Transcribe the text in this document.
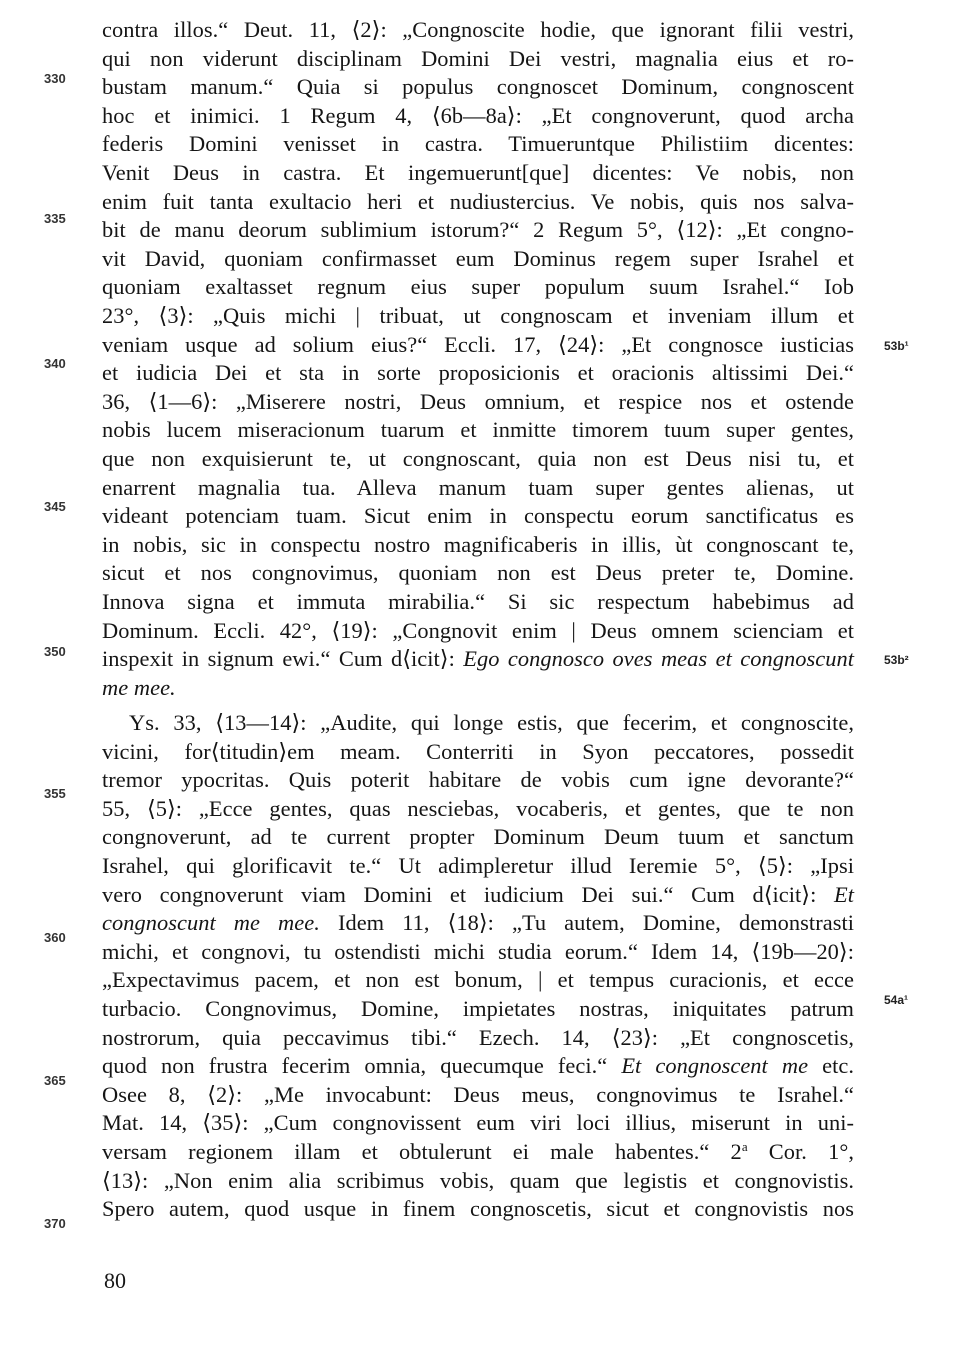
330
335
340
345
350
355
360
365
370
53b¹
53b²
54a¹
contra illos.“ Deut. 11, ⟨2⟩: „Congnoscite hodie, que ignorant filii vestri,
qui non viderunt disciplinam Domini Dei vestri, magnalia eius et ro-
bustam manum.“ Quia si populus congnoscet Dominum, congnoscent
hoc et inimici. 1 Regum 4, ⟨6b—8a⟩: „Et congnoverunt, quod archa
federis Domini venisset in castra. Timueruntque Philistiim dicentes:
Venit Deus in castra. Et ingemuerunt[que] dicentes: Ve nobis, non
enim fuit tanta exultacio heri et nudiustercius. Ve nobis, quis nos salva-
bit de manu deorum sublimium istorum?“ 2 Regum 5°, ⟨12⟩: „Et congno-
vit David, quoniam confirmasset eum Dominus regem super Israhel et
quoniam exaltasset regnum eius super populum suum Israhel.“ Iob
23°, ⟨3⟩: „Quis michi | tribuat, ut congnoscam et inveniam illum et
veniam usque ad solium eius?“ Eccli. 17, ⟨24⟩: „Et congnosce iusticias
et iudicia Dei et sta in sorte proposicionis et oracionis altissimi Dei.“
36, ⟨1—6⟩: „Miserere nostri, Deus omnium, et respice nos et ostende
nobis lucem miseracionum tuarum et inmitte timorem tuum super gentes,
que non exquisierunt te, ut congnoscant, quia non est Deus nisi tu, et
enarrent magnalia tua. Alleva manum tuam super gentes alienas, ut
videant potenciam tuam. Sicut enim in conspectu eorum sanctificatus es
in nobis, sic in conspectu nostro magnificaberis in illis, ùt congnoscant te,
sicut et nos congnovimus, quoniam non est Deus preter te, Domine.
Innova signa et immuta mirabilia.“ Si sic respectum habebimus ad
Dominum. Eccli. 42°, ⟨19⟩: „Congnovit enim | Deus omnem scienciam et
inspexit in signum ewi.“ Cum d⟨icit⟩: Ego congnosco oves meas et congnoscunt
me mee.
Ys. 33, ⟨13—14⟩: „Audite, qui longe estis, que fecerim, et congnoscite,
vicini, for⟨titudin⟩em meam. Conterriti in Syon peccatores, possedit
tremor ypocritas. Quis poterit habitare de vobis cum igne devorante?“
55, ⟨5⟩: „Ecce gentes, quas nesciebas, vocaberis, et gentes, que te non
congnoverunt, ad te current propter Dominum Deum tuum et sanctum
Israhel, qui glorificavit te.“ Ut adimpleretur illud Ieremie 5°, ⟨5⟩: „Ipsi
vero congnoverunt viam Domini et iudicium Dei sui.“ Cum d⟨icit⟩: Et
congnoscunt me mee. Idem 11, ⟨18⟩: „Tu autem, Domine, demonstrasti
michi, et congnovi, tu ostendisti michi studia eorum.“ Idem 14, ⟨19b—20⟩:
„Expectavimus pacem, et non est bonum, | et tempus curacionis, et ecce
turbacio. Congnovimus, Domine, impietates nostras, iniquitates patrum
nostrorum, quia peccavimus tibi.“ Ezech. 14, ⟨23⟩: „Et congnoscetis,
quod non frustra fecerim omnia, quecumque feci.“ Et congnoscent me etc.
Osee 8, ⟨2⟩: „Me invocabunt: Deus meus, congnovimus te Israhel.“
Mat. 14, ⟨35⟩: „Cum congnovissent eum viri loci illius, miserunt in uni-
versam regionem illam et obtulerunt ei male habentes.“ 2$^a$ Cor. 1°,
⟨13⟩: „Non enim alia scribimus vobis, quam que legistis et congnovistis.
Spero autem, quod usque in finem congnoscetis, sicut et congnovistis nos
80
